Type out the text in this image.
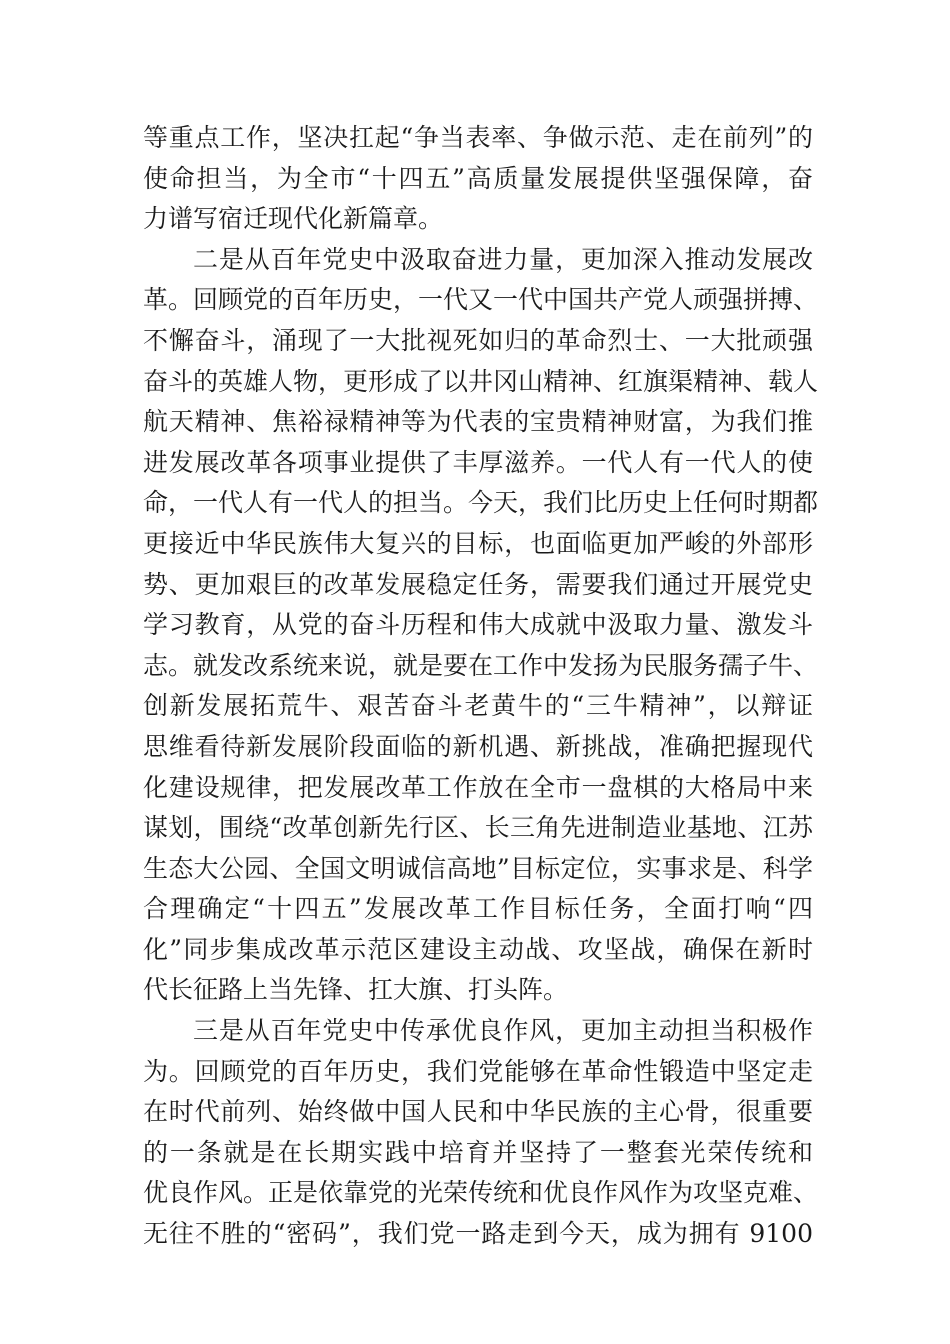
等重点工作，坚决扛起“争当表率、争做示范、走在前列”的
使命担当，为全市“十四五”高质量发展提供坚强保障，奋
力谱写宿迁现代化新篇章。
二是从百年党史中汲取奋进力量，更加深入推动发展改
革。回顾党的百年历史，一代又一代中国共产党人顽强拼搏、
不懈奋斗，涌现了一大批视死如归的革命烈士、一大批顽强
奋斗的英雄人物，更形成了以井冈山精神、红旗渠精神、载人
航天精神、焦裕禄精神等为代表的宝贵精神财富，为我们推
进发展改革各项事业提供了丰厚滋养。一代人有一代人的使
命，一代人有一代人的担当。今天，我们比历史上任何时期都
更接近中华民族伟大复兴的目标，也面临更加严峻的外部形
势、更加艰巨的改革发展稳定任务，需要我们通过开展党史
学习教育，从党的奋斗历程和伟大成就中汲取力量、激发斗
志。就发改系统来说，就是要在工作中发扬为民服务孺子牛、
创新发展拓荒牛、艰苦奋斗老黄牛的“三牛精神”，以辩证
思维看待新发展阶段面临的新机遇、新挑战，准确把握现代
化建设规律，把发展改革工作放在全市一盘棋的大格局中来
谋划，围绕“改革创新先行区、长三角先进制造业基地、江苏
生态大公园、全国文明诚信高地”目标定位，实事求是、科学
合理确定“十四五”发展改革工作目标任务，全面打响“四
化”同步集成改革示范区建设主动战、攻坚战，确保在新时
代长征路上当先锋、扛大旗、打头阵。
三是从百年党史中传承优良作风，更加主动担当积极作
为。回顾党的百年历史，我们党能够在革命性锻造中坚定走
在时代前列、始终做中国人民和中华民族的主心骨，很重要
的一条就是在长期实践中培育并坚持了一整套光荣传统和
优良作风。正是依靠党的光荣传统和优良作风作为攻坚克难、
无往不胜的“密码”，我们党一路走到今天，成为拥有 9100
